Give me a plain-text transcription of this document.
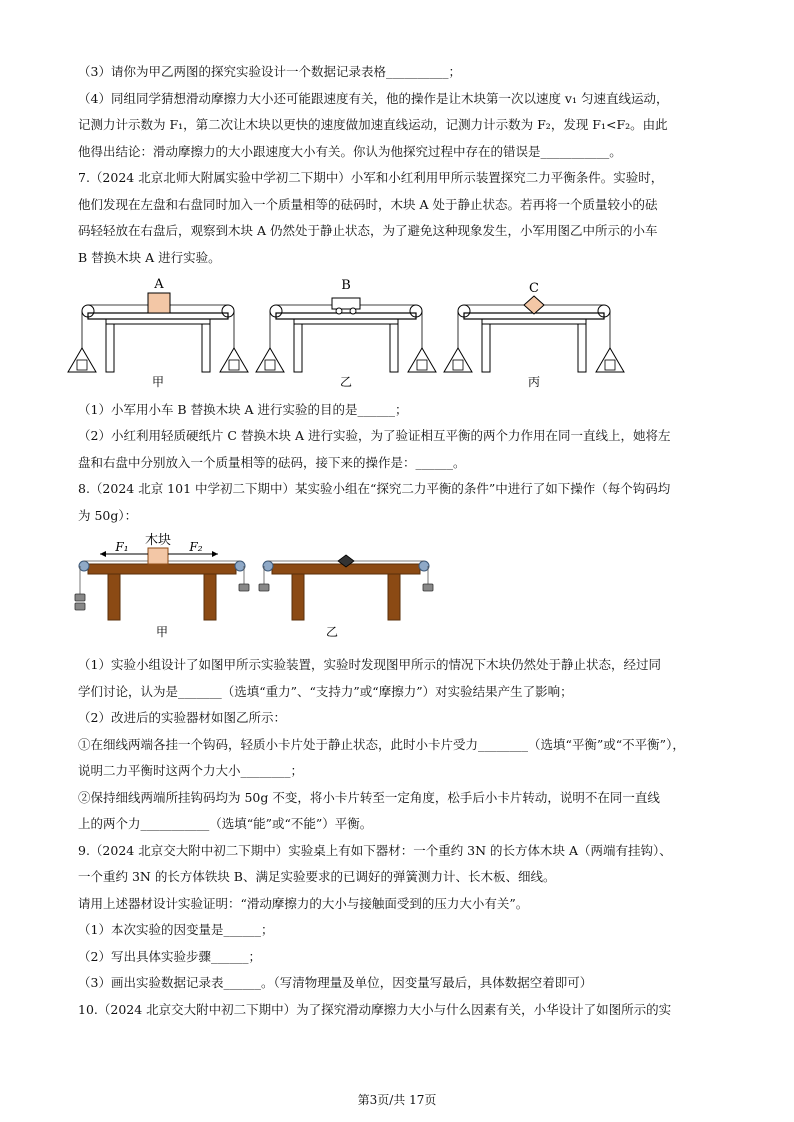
（3）请你为甲乙两图的探究实验设计一个数据记录表格__________；
（4）同组同学猜想滑动摩擦力大小还可能跟速度有关，他的操作是让木块第一次以速度 v₁ 匀速直线运动，
记测力计示数为 F₁，第二次让木块以更快的速度做加速直线运动，记测力计示数为 F₂，发现 F₁<F₂。由此
他得出结论：滑动摩擦力的大小跟速度大小有关。你认为他探究过程中存在的错误是___________。
7.（2024 北京北师大附属实验中学初二下期中）小军和小红利用甲所示装置探究二力平衡条件。实验时，
他们发现在左盘和右盘同时加入一个质量相等的砝码时，木块 A 处于静止状态。若再将一个质量较小的砝
码轻轻放在右盘后，观察到木块 A 仍然处于静止状态，为了避免这种现象发生，小军用图乙中所示的小车
B 替换木块 A 进行实验。
（1）小军用小车 B 替换木块 A 进行实验的目的是______；
（2）小红利用轻质硬纸片 C 替换木块 A 进行实验，为了验证相互平衡的两个力作用在同一直线上，她将左
盘和右盘中分别放入一个质量相等的砝码，接下来的操作是：______。
8.（2024 北京 101 中学初二下期中）某实验小组在“探究二力平衡的条件”中进行了如下操作（每个钩码均
为 50g）：
（1）实验小组设计了如图甲所示实验装置，实验时发现图甲所示的情况下木块仍然处于静止状态，经过同
学们讨论，认为是_______（选填“重力”、“支持力”或“摩擦力”）对实验结果产生了影响；
（2）改进后的实验器材如图乙所示：
①在细线两端各挂一个钩码，轻质小卡片处于静止状态，此时小卡片受力________（选填“平衡”或“不平衡”），
说明二力平衡时这两个力大小________；
②保持细线两端所挂钩码均为 50g 不变，将小卡片转至一定角度，松手后小卡片转动，说明不在同一直线
上的两个力___________（选填“能”或“不能”）平衡。
9.（2024 北京交大附中初二下期中）实验桌上有如下器材：一个重约 3N 的长方体木块 A（两端有挂钩）、
一个重约 3N 的长方体铁块 B、满足实验要求的已调好的弹簧测力计、长木板、细线。
请用上述器材设计实验证明：“滑动摩擦力的大小与接触面受到的压力大小有关”。
（1）本次实验的因变量是______；
（2）写出具体实验步骤______；
（3）画出实验数据记录表______。（写清物理量及单位，因变量写最后，具体数据空着即可）
10.（2024 北京交大附中初二下期中）为了探究滑动摩擦力大小与什么因素有关，小华设计了如图所示的实
A
甲
B
乙
C
丙
木块
F₁	F₂
甲	乙
第3页/共 17页
